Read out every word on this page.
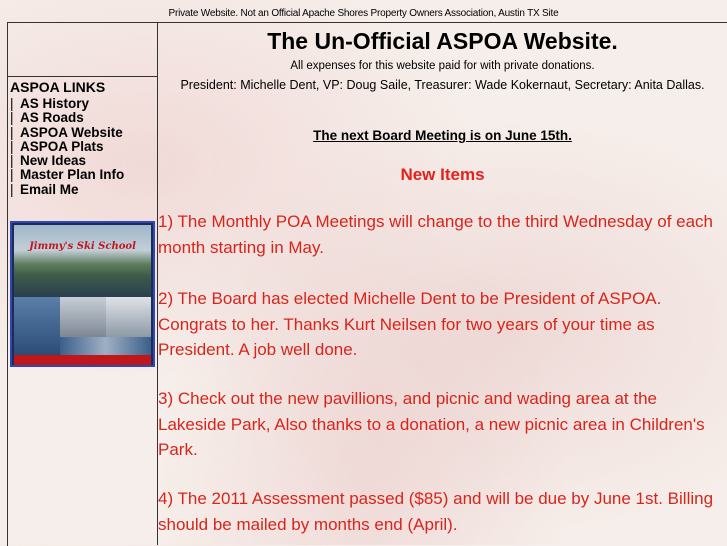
Private Website. Not an Official Apache Shores Property Owners Association, Austin TX Site
The Un-Official ASPOA Website.
All expenses for this website paid for with private donations.
President: Michelle Dent, VP: Doug Saile, Treasurer: Wade Kokernaut, Secretary: Anita Dallas.
ASPOA LINKS
| AS History
| AS Roads
| ASPOA Website
| ASPOA Plats
| New Ideas
| Master Plan Info
| Email Me
Jimmy's Ski School
The next Board Meeting is on June 15th.
New Items
1) The Monthly POA Meetings will change to the third Wednesday of each month starting in May.
2) The Board has elected Michelle Dent to be President of ASPOA. Congrats to her. Thanks Kurt Neilsen for two years of your time as President. A job well done.
3) Check out the new pavillions, and picnic and wading area at the Lakeside Park, Also thanks to a donation, a new picnic area in Children's Park.
4) The 2011 Assessment passed ($85) and will be due by June 1st. Billing should be mailed by months end (April).
